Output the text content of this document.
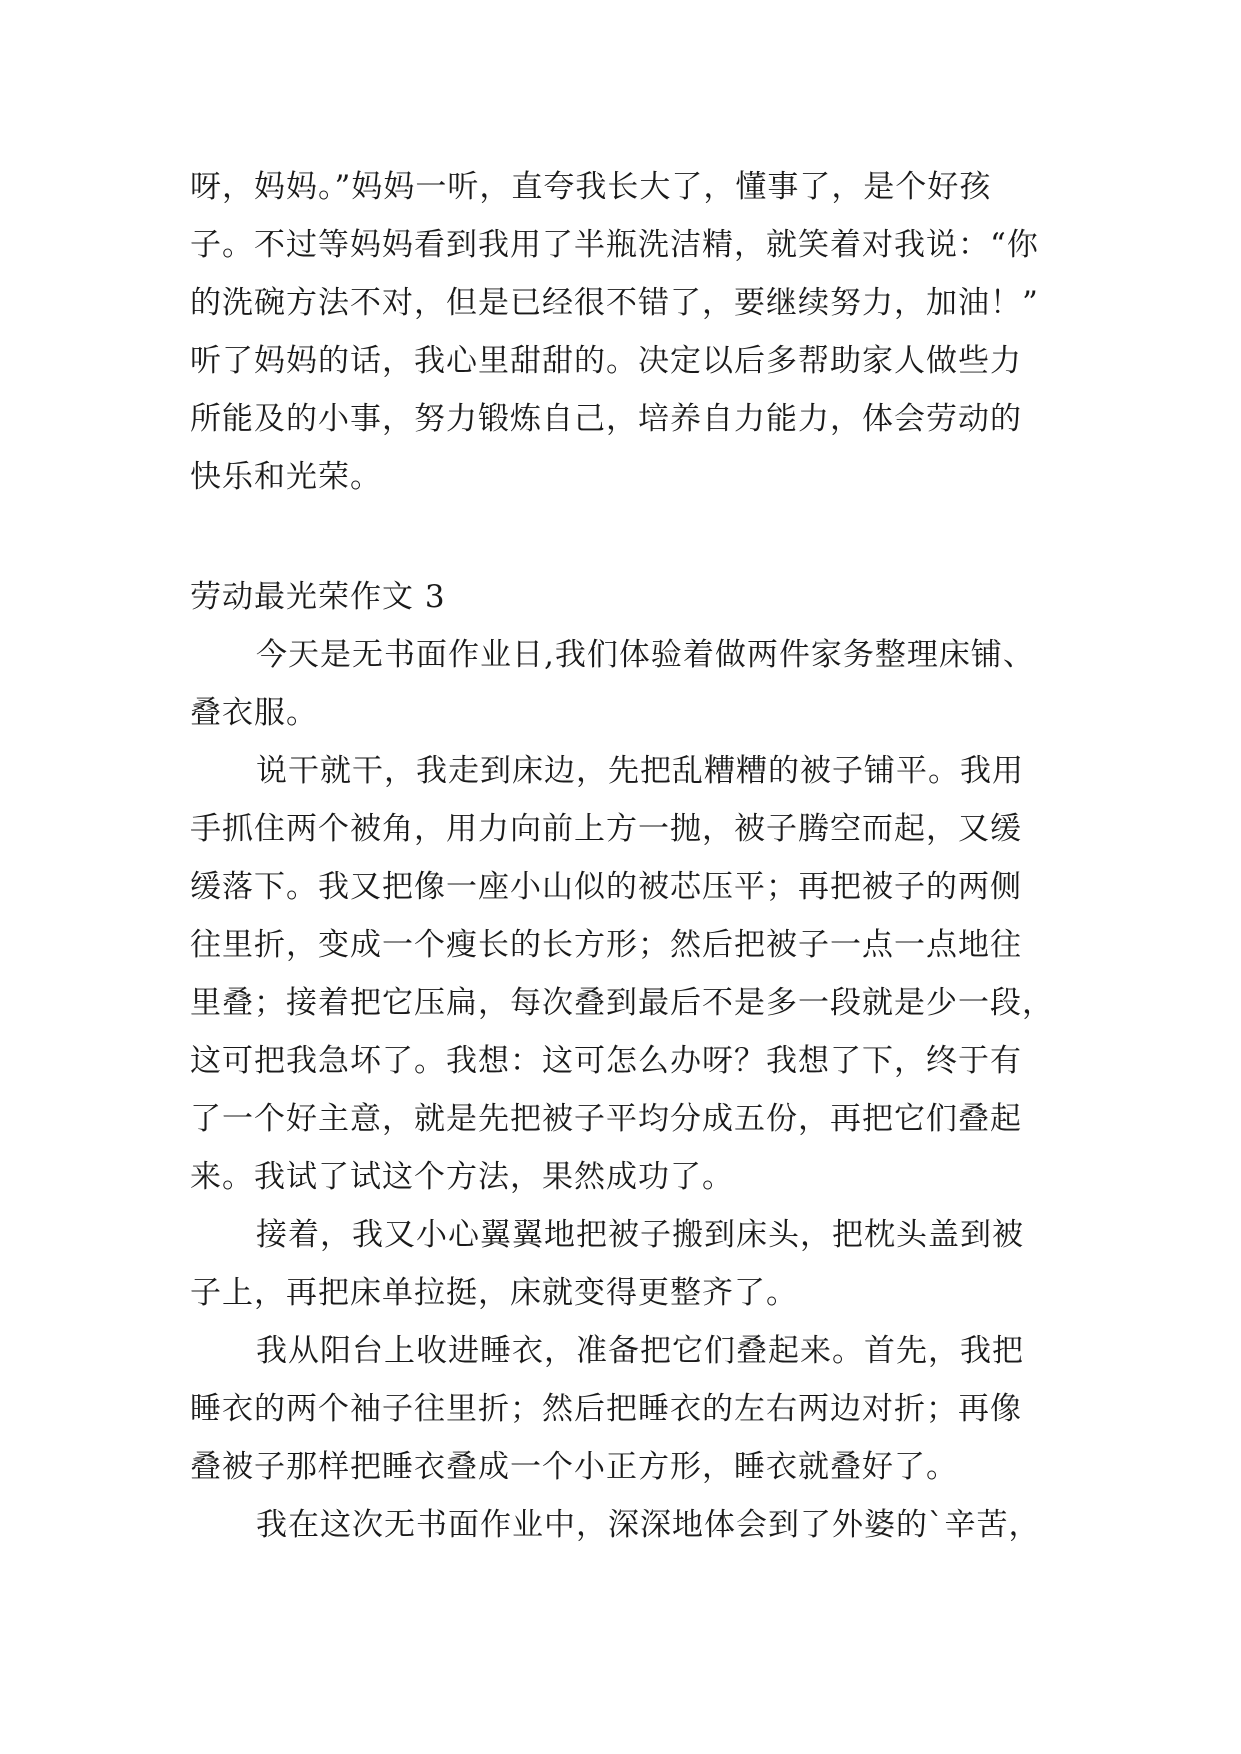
呀，妈妈。”妈妈一听，直夸我长大了，懂事了，是个好孩
子。不过等妈妈看到我用了半瓶洗洁精，就笑着对我说：“你
的洗碗方法不对，但是已经很不错了，要继续努力，加油！”
听了妈妈的话，我心里甜甜的。决定以后多帮助家人做些力
所能及的小事，努力锻炼自己，培养自力能力，体会劳动的
快乐和光荣。
劳动最光荣作文 3
今天是无书面作业日,我们体验着做两件家务整理床铺、
叠衣服。
说干就干，我走到床边，先把乱糟糟的被子铺平。我用
手抓住两个被角，用力向前上方一抛，被子腾空而起，又缓
缓落下。我又把像一座小山似的被芯压平；再把被子的两侧
往里折，变成一个瘦长的长方形；然后把被子一点一点地往
里叠；接着把它压扁，每次叠到最后不是多一段就是少一段，
这可把我急坏了。我想：这可怎么办呀？我想了下，终于有
了一个好主意，就是先把被子平均分成五份，再把它们叠起
来。我试了试这个方法，果然成功了。
接着，我又小心翼翼地把被子搬到床头，把枕头盖到被
子上，再把床单拉挺，床就变得更整齐了。
我从阳台上收进睡衣，准备把它们叠起来。首先，我把
睡衣的两个袖子往里折；然后把睡衣的左右两边对折；再像
叠被子那样把睡衣叠成一个小正方形，睡衣就叠好了。
我在这次无书面作业中，深深地体会到了外婆的`辛苦，
